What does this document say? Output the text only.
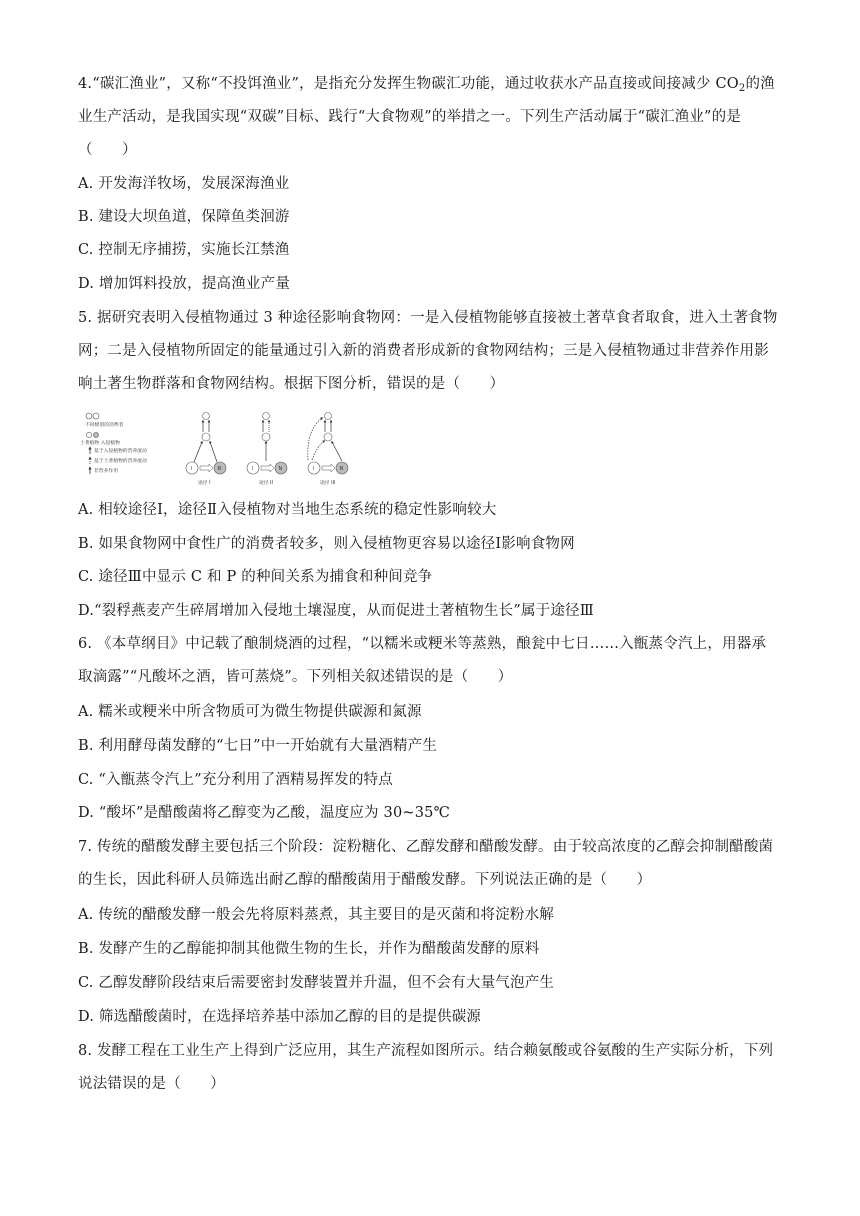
4.“碳汇渔业”，又称“不投饵渔业”，是指充分发挥生物碳汇功能，通过收获水产品直接或间接减少 $CO_2$的渔业生产活动，是我国实现“双碳”目标、践行“大食物观”的举措之一。下列生产活动属于“碳汇渔业”的是（　　）
A. 开发海洋牧场，发展深海渔业
B. 建设大坝鱼道，保障鱼类洄游
C. 控制无序捕捞，实施长江禁渔
D. 增加饵料投放，提高渔业产量
5. 据研究表明入侵植物通过 3 种途径影响食物网：一是入侵植物能够直接被土著草食者取食，进入土著食物网；二是入侵植物所固定的能量通过引入新的消费者形成新的食物网结构；三是入侵植物通过非营养作用影响土著生物群落和食物网结构。根据下图分析，错误的是（　　）
不同级别的消费者
土著植物 入侵植物
基于入侵植物的营养流动
基于土著植物的营养流动
非营养作用	I	N
途径 I
I	N
途径 II
I	N
途径 III
A. 相较途径Ⅰ，途径Ⅱ入侵植物对当地生态系统的稳定性影响较大
B. 如果食物网中食性广的消费者较多，则入侵植物更容易以途径Ⅰ影响食物网
C. 途径Ⅲ中显示 C 和 P 的种间关系为捕食和种间竞争
D.“裂稃燕麦产生碎屑增加入侵地土壤湿度，从而促进土著植物生长”属于途径Ⅲ
6. 《本草纲目》中记载了酿制烧酒的过程，“以糯米或粳米等蒸熟，酿瓮中七日……入甑蒸令汽上，用器承取滴露”“凡酸坏之酒，皆可蒸烧”。下列相关叙述错误的是（　　）
A. 糯米或粳米中所含物质可为微生物提供碳源和氮源
B. 利用酵母菌发酵的“七日”中一开始就有大量酒精产生
C. “入甑蒸令汽上”充分利用了酒精易挥发的特点
D. “酸坏”是醋酸菌将乙醇变为乙酸，温度应为 30~35℃
7. 传统的醋酸发酵主要包括三个阶段：淀粉糖化、乙醇发酵和醋酸发酵。由于较高浓度的乙醇会抑制醋酸菌的生长，因此科研人员筛选出耐乙醇的醋酸菌用于醋酸发酵。下列说法正确的是（　　）
A. 传统的醋酸发酵一般会先将原料蒸煮，其主要目的是灭菌和将淀粉水解
B. 发酵产生的乙醇能抑制其他微生物的生长，并作为醋酸菌发酵的原料
C. 乙醇发酵阶段结束后需要密封发酵装置并升温，但不会有大量气泡产生
D. 筛选醋酸菌时，在选择培养基中添加乙醇的目的是提供碳源
8. 发酵工程在工业生产上得到广泛应用，其生产流程如图所示。结合赖氨酸或谷氨酸的生产实际分析，下列说法错误的是（　　）
